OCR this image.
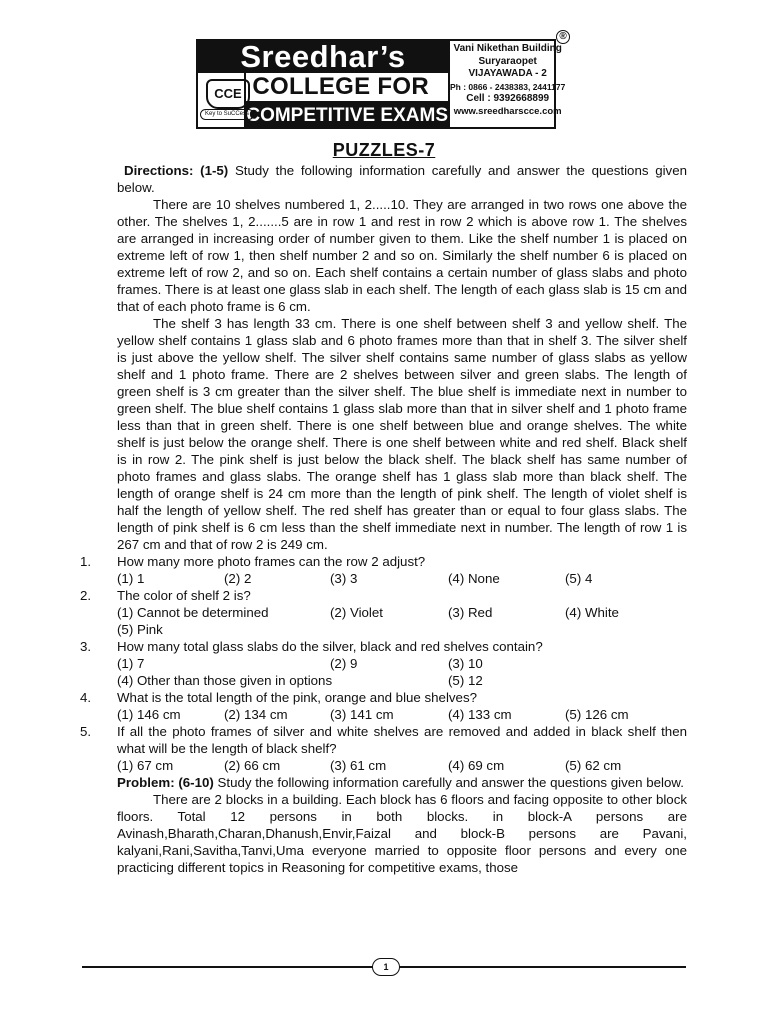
®
Sreedhar’s
CCE
Key to SuCCess
COLLEGE FOR
COMPETITIVE EXAMS
Vani Nikethan Building
Suryaraopet
VIJAYAWADA - 2
Ph : 0866 - 2438383, 2441177
Cell : 9392668899
www.sreedharscce.com
PUZZLES-7

Directions: (1-5) Study the following information carefully and answer the questions given below.

There are 10 shelves numbered 1, 2.....10. They are arranged in two rows one above the other. The shelves 1, 2.......5 are in row 1 and rest in row 2 which is above row 1. The shelves are arranged in increasing order of number given to them. Like the shelf number 1 is placed on extreme left of row 1, then shelf number 2 and so on. Similarly the shelf number 6 is placed on extreme left of row 2, and so on. Each shelf contains a certain number of glass slabs and photo frames. There is at least one glass slab in each shelf. The length of each glass slab is 15 cm and that of each photo frame is 6 cm.

The shelf 3 has length 33 cm. There is one shelf between shelf 3 and yellow shelf. The yellow shelf contains 1 glass slab and 6 photo frames more than that in shelf 3. The silver shelf is just above the yellow shelf. The silver shelf contains same number of glass slabs as yellow shelf and 1 photo frame. There are 2 shelves between silver and green slabs. The length of green shelf is 3 cm greater than the silver shelf. The blue shelf is immediate next in number to green shelf. The blue shelf contains 1 glass slab more than that in silver shelf and 1 photo frame less than that in green shelf. There is one shelf between blue and orange shelves. The white shelf is just below the orange shelf. There is one shelf between white and red shelf. Black shelf is in row 2. The pink shelf is just below the black shelf. The black shelf has same number of photo frames and glass slabs. The orange shelf has 1 glass slab more than black shelf. The length of orange shelf is 24 cm more than the length of pink shelf. The length of violet shelf is half the length of yellow shelf. The red shelf has greater than or equal to four glass slabs. The length of pink shelf is 6 cm less than the shelf immediate next in number. The length of row 1 is 267 cm and that of row 2 is 249 cm.

1. How many more photo frames can the row 2 adjust?
(1) 1	(2) 2	(3) 3	(4) None	(5) 4
2. The color of shelf 2 is?
(1) Cannot be determined	(2) Violet	(3) Red	(4) White
(5) Pink
3. How many total glass slabs do the silver, black and red shelves contain?
(1) 7	(2) 9	(3) 10
(4) Other than those given in options	(5) 12
4. What is the total length of the pink, orange and blue shelves?
(1) 146 cm	(2) 134 cm	(3) 141 cm	(4) 133 cm	(5) 126 cm
5. If all the photo frames of silver and white shelves are removed and added in black shelf then what will be the length of black shelf?
(1) 67 cm	(2) 66 cm	(3) 61 cm	(4) 69 cm	(5) 62 cm

Problem: (6-10) Study the following information carefully and answer the questions given below.

There are 2 blocks in a building. Each block has 6 floors and facing opposite to other block floors. Total 12 persons in both blocks. in block-A persons are Avinash,Bharath,Charan,Dhanush,Envir,Faizal and block-B persons are Pavani, kalyani,Rani,Savitha,Tanvi,Uma everyone married to opposite floor persons and every one practicing different topics in Reasoning for competitive exams, those

1
